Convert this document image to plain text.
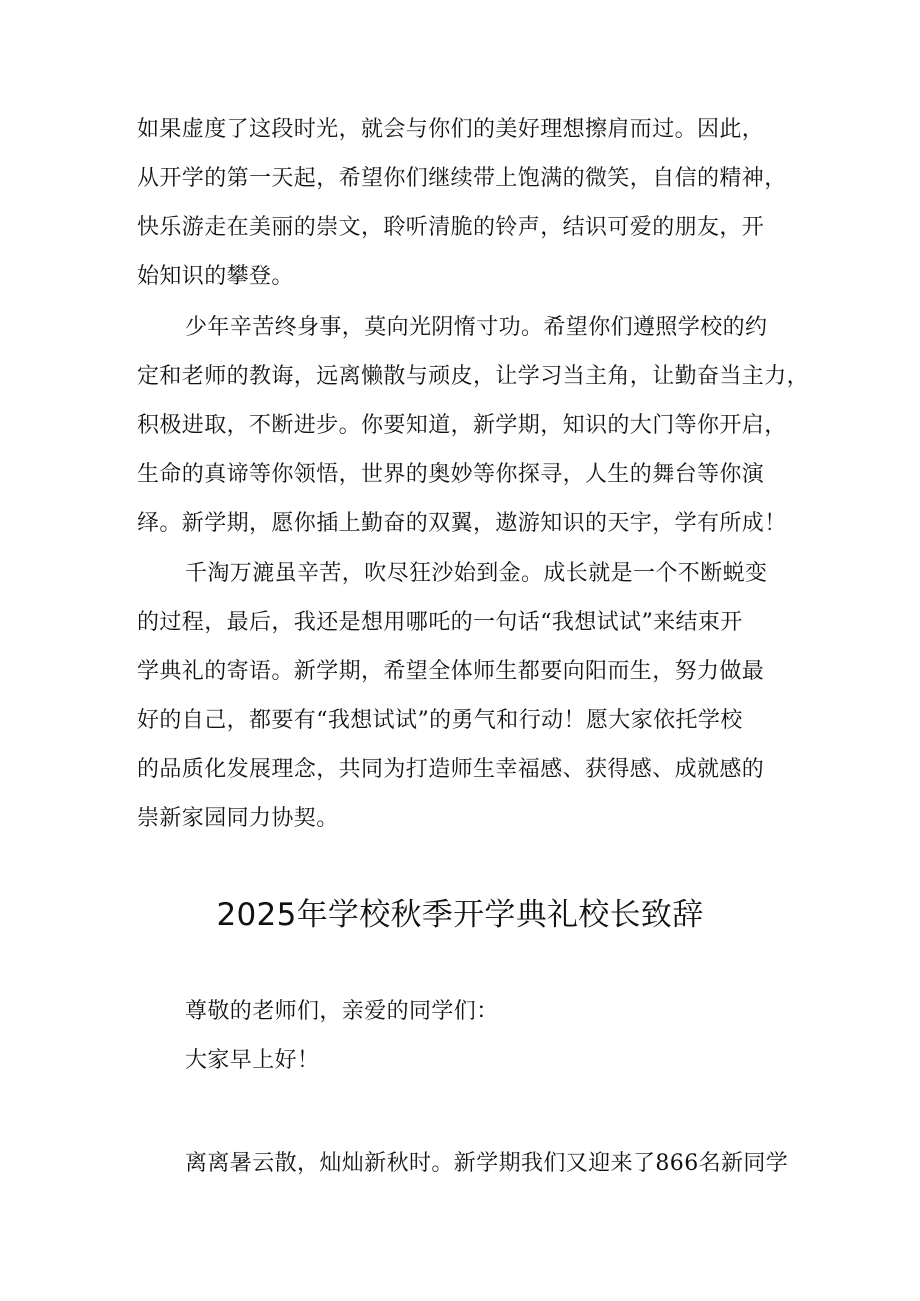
如果虚度了这段时光，就会与你们的美好理想擦肩而过。因此，
从开学的第一天起，希望你们继续带上饱满的微笑，自信的精神，
快乐游走在美丽的崇文，聆听清脆的铃声，结识可爱的朋友，开
始知识的攀登。
少年辛苦终身事，莫向光阴惰寸功。希望你们遵照学校的约
定和老师的教诲，远离懒散与顽皮，让学习当主角，让勤奋当主力，
积极进取，不断进步。你要知道，新学期，知识的大门等你开启，
生命的真谛等你领悟，世界的奥妙等你探寻，人生的舞台等你演
绎。新学期，愿你插上勤奋的双翼，遨游知识的天宇，学有所成！
千淘万漉虽辛苦，吹尽狂沙始到金。成长就是一个不断蜕变
的过程，最后，我还是想用哪吒的一句话“我想试试”来结束开
学典礼的寄语。新学期，希望全体师生都要向阳而生，努力做最
好的自己，都要有“我想试试”的勇气和行动！愿大家依托学校
的品质化发展理念，共同为打造师生幸福感、获得感、成就感的
崇新家园同力协契。
2025年学校秋季开学典礼校长致辞
尊敬的老师们，亲爱的同学们：
大家早上好！
离离暑云散，灿灿新秋时。新学期我们又迎来了866名新同学
